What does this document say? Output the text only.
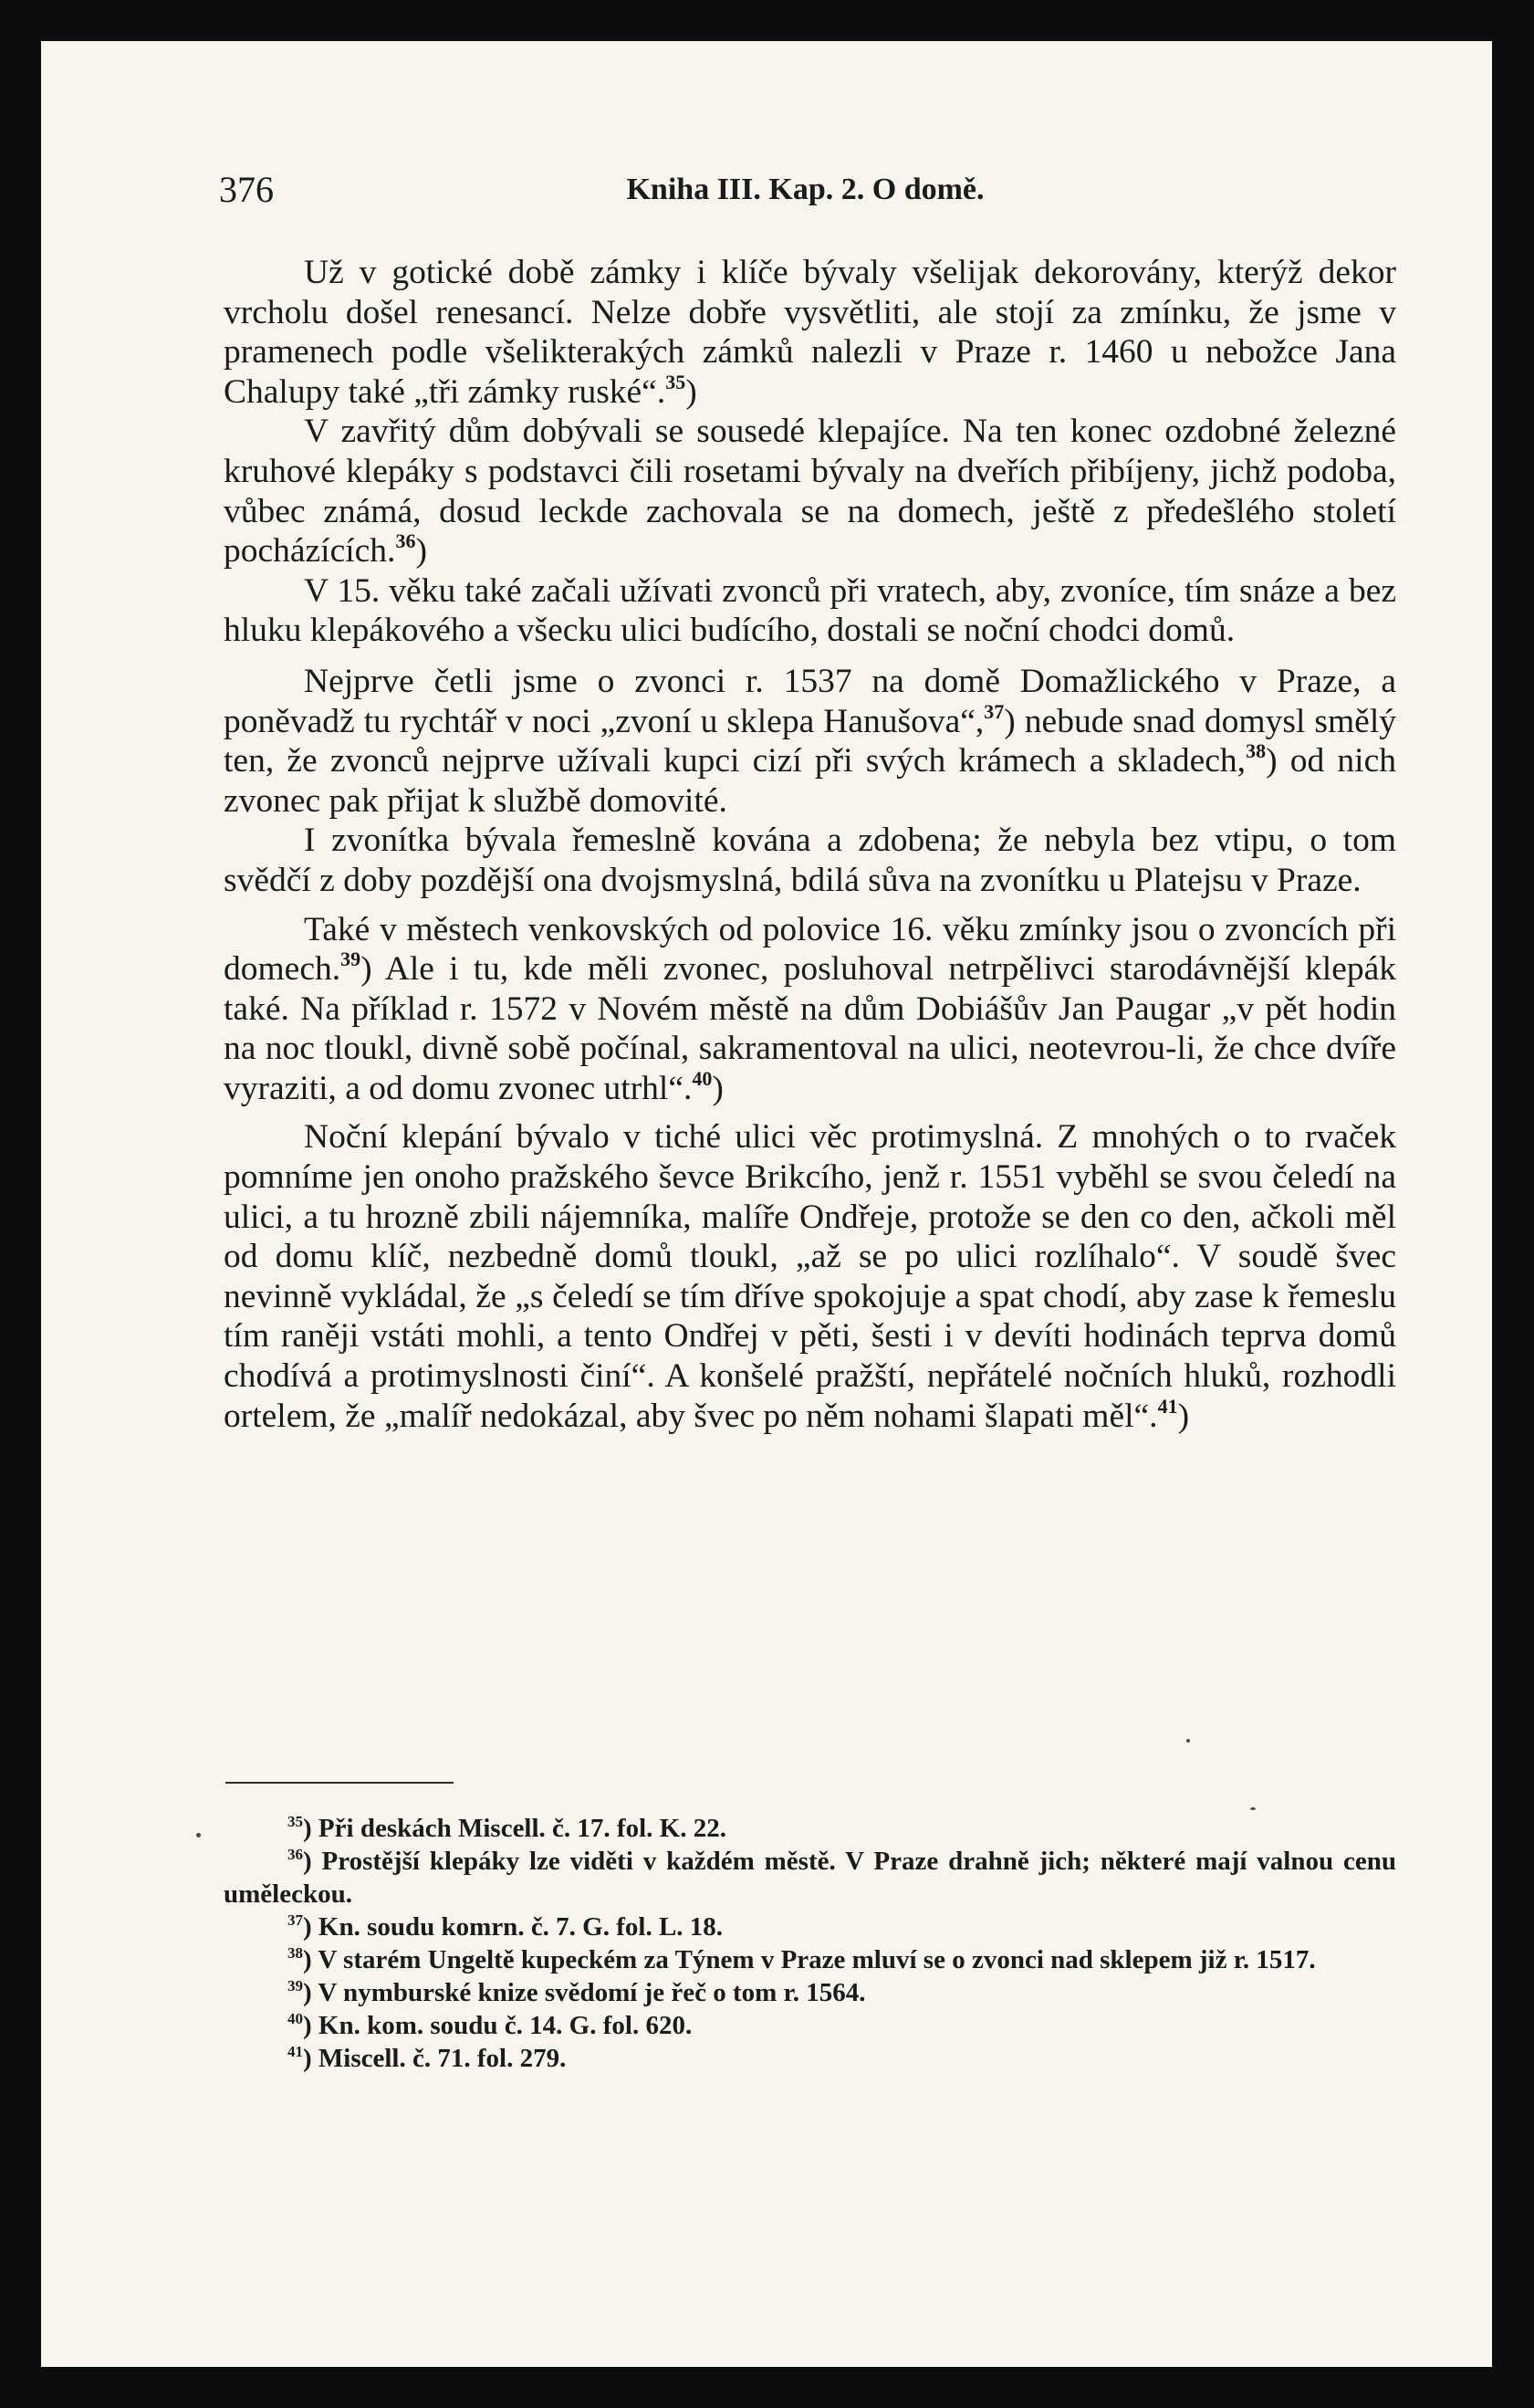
376	Kniha III. Kap. 2. O domě.

Už v gotické době zámky i klíče bývaly všelijak dekorovány, kterýž dekor vrcholu došel renesancí. Nelze dobře vysvětliti, ale stojí za zmínku, že jsme v pramenech podle všelikterakých zámků nalezli v Praze r. 1460 u nebožce Jana Chalupy také „tři zámky ruské“.$^{35}$)

V zavřitý dům dobývali se sousedé klepajíce. Na ten konec ozdobné železné kruhové klepáky s podstavci čili rosetami bývaly na dveřích přibíjeny, jichž podoba, vůbec známá, dosud leckde zachovala se na domech, ještě z předešlého století pocházících.$^{36}$)

V 15. věku také začali užívati zvonců při vratech, aby, zvoníce, tím snáze a bez hluku klepákového a všecku ulici budícího, dostali se noční chodci domů.

Nejprve četli jsme o zvonci r. 1537 na domě Domažlického v Praze, a poněvadž tu rychtář v noci „zvoní u sklepa Hanušova“,$^{37}$) nebude snad domysl smělý ten, že zvonců nejprve užívali kupci cizí při svých krámech a skladech,$^{38}$) od nich zvonec pak přijat k službě domovité.

I zvonítka bývala řemeslně kována a zdobena; že nebyla bez vtipu, o tom svědčí z doby pozdější ona dvojsmyslná, bdilá sůva na zvonítku u Platejsu v Praze.

Také v městech venkovských od polovice 16. věku zmínky jsou o zvoncích při domech.$^{39}$) Ale i tu, kde měli zvonec, posluhoval netrpělivci starodávnější klepák také. Na příklad r. 1572 v Novém městě na dům Dobiášův Jan Paugar „v pět hodin na noc tloukl, divně sobě počínal, sakramentoval na ulici, neotevrou-li, že chce dvíře vyraziti, a od domu zvonec utrhl“.$^{40}$)

Noční klepání bývalo v tiché ulici věc protimyslná. Z mnohých o to rvaček pomníme jen onoho pražského ševce Brikcího, jenž r. 1551 vyběhl se svou čeledí na ulici, a tu hrozně zbili nájemníka, malíře Ondřeje, protože se den co den, ačkoli měl od domu klíč, nezbedně domů tloukl, „až se po ulici rozlíhalo“. V soudě švec nevinně vykládal, že „s čeledí se tím dříve spokojuje a spat chodí, aby zase k řemeslu tím raněji vstáti mohli, a tento Ondřej v pěti, šesti i v devíti hodinách teprva domů chodívá a protimyslnosti činí“. A konšelé pražští, nepřátelé nočních hluků, rozhodli ortelem, že „malíř nedokázal, aby švec po něm nohami šlapati měl“.$^{41}$)

$^{35}$) Při deskách Miscell. č. 17. fol. K. 22.

$^{36}$) Prostější klepáky lze viděti v každém městě. V Praze drahně jich; některé mají valnou cenu uměleckou.

$^{37}$) Kn. soudu komrn. č. 7. G. fol. L. 18.

$^{38}$) V starém Ungeltě kupeckém za Týnem v Praze mluví se o zvonci nad sklepem již r. 1517.

$^{39}$) V nymburské knize svědomí je řeč o tom r. 1564.

$^{40}$) Kn. kom. soudu č. 14. G. fol. 620.

$^{41}$) Miscell. č. 71. fol. 279.
